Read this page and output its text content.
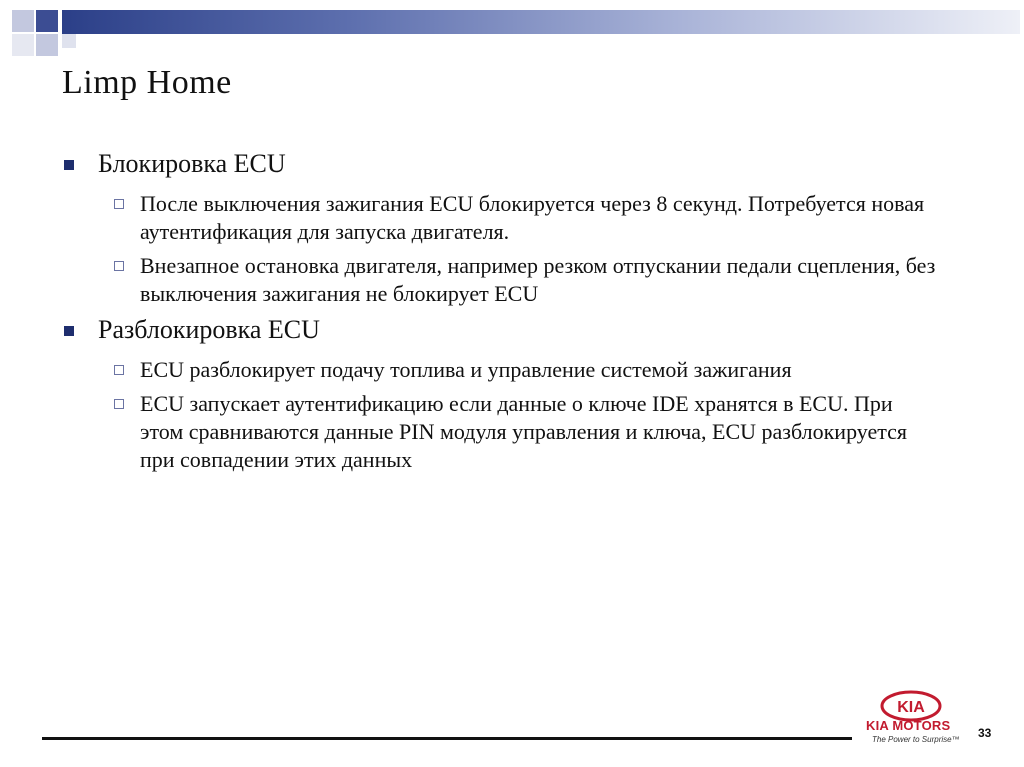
Limp Home
Блокировка ECU
После выключения зажигания ECU блокируется через 8 секунд. Потребуется новая аутентификация для запуска двигателя.
Внезапное остановка двигателя, например резком отпускании педали сцепления, без выключения зажигания не блокирует ECU
Разблокировка ECU
ECU разблокирует подачу топлива и управление системой зажигания
ECU запускает аутентификацию если данные о ключе IDE хранятся в ECU. При этом сравниваются данные PIN модуля управления и ключа, ECU разблокируется при совпадении этих данных
KIA
KIA MOTORS
The Power to Surprise™ 33
